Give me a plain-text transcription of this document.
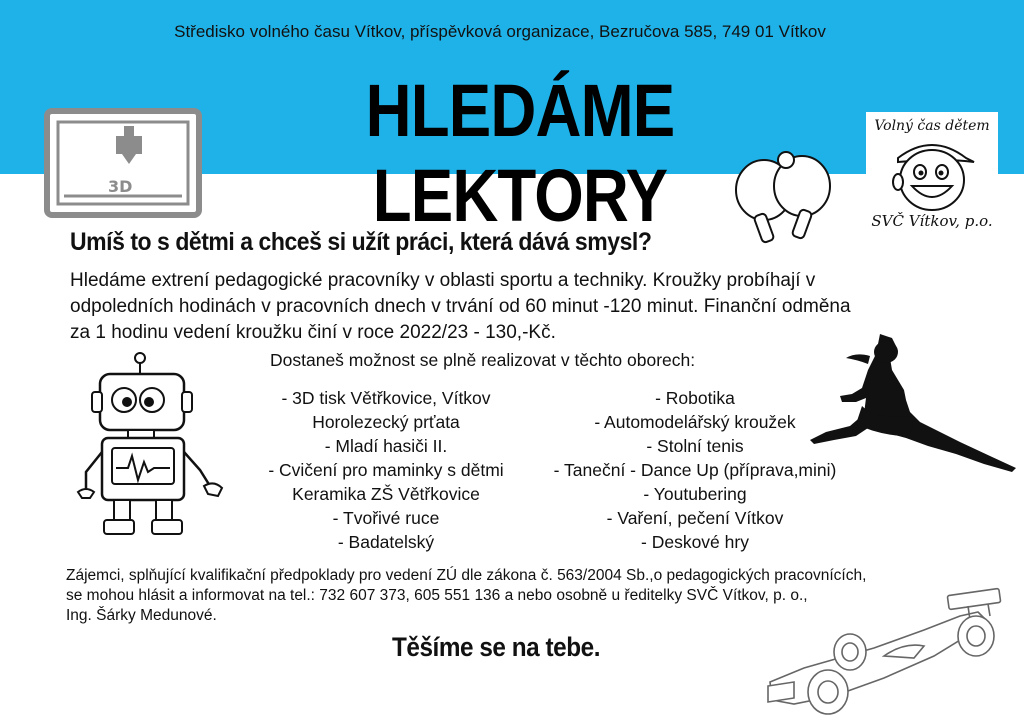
Středisko volného času Vítkov, příspěvková organizace, Bezručova 585, 749 01 Vítkov
HLEDÁME LEKTORY
3D
Volný čas dětem
SVČ Vítkov, p.o.
Umíš to s dětmi a chceš si užít práci, která dává smysl?
Hledáme extrení pedagogické pracovníky v oblasti sportu a techniky. Kroužky probíhají v
odpoledních hodinách v pracovních dnech v trvání od 60 minut -120 minut. Finanční odměna
za 1 hodinu vedení kroužku činí v roce 2022/23 - 130,-Kč.
Dostaneš možnost se plně realizovat v těchto oborech:
- 3D tisk Větřkovice, Vítkov
Horolezecký prťata
- Mladí hasiči II.
- Cvičení pro maminky s dětmi
Keramika ZŠ Větřkovice
- Tvořivé ruce
- Badatelský
- Robotika
- Automodelářský kroužek
- Stolní tenis
- Taneční - Dance Up (příprava,mini)
- Youtubering
- Vaření, pečení Vítkov
- Deskové hry
Zájemci, splňující kvalifikační předpoklady pro vedení ZÚ dle zákona č. 563/2004 Sb.,o pedagogických pracovnících,
se mohou hlásit a informovat na tel.: 732 607 373, 605 551 136 a nebo osobně u ředitelky SVČ Vítkov, p. o.,
Ing. Šárky Medunové.
Těšíme se na tebe.
